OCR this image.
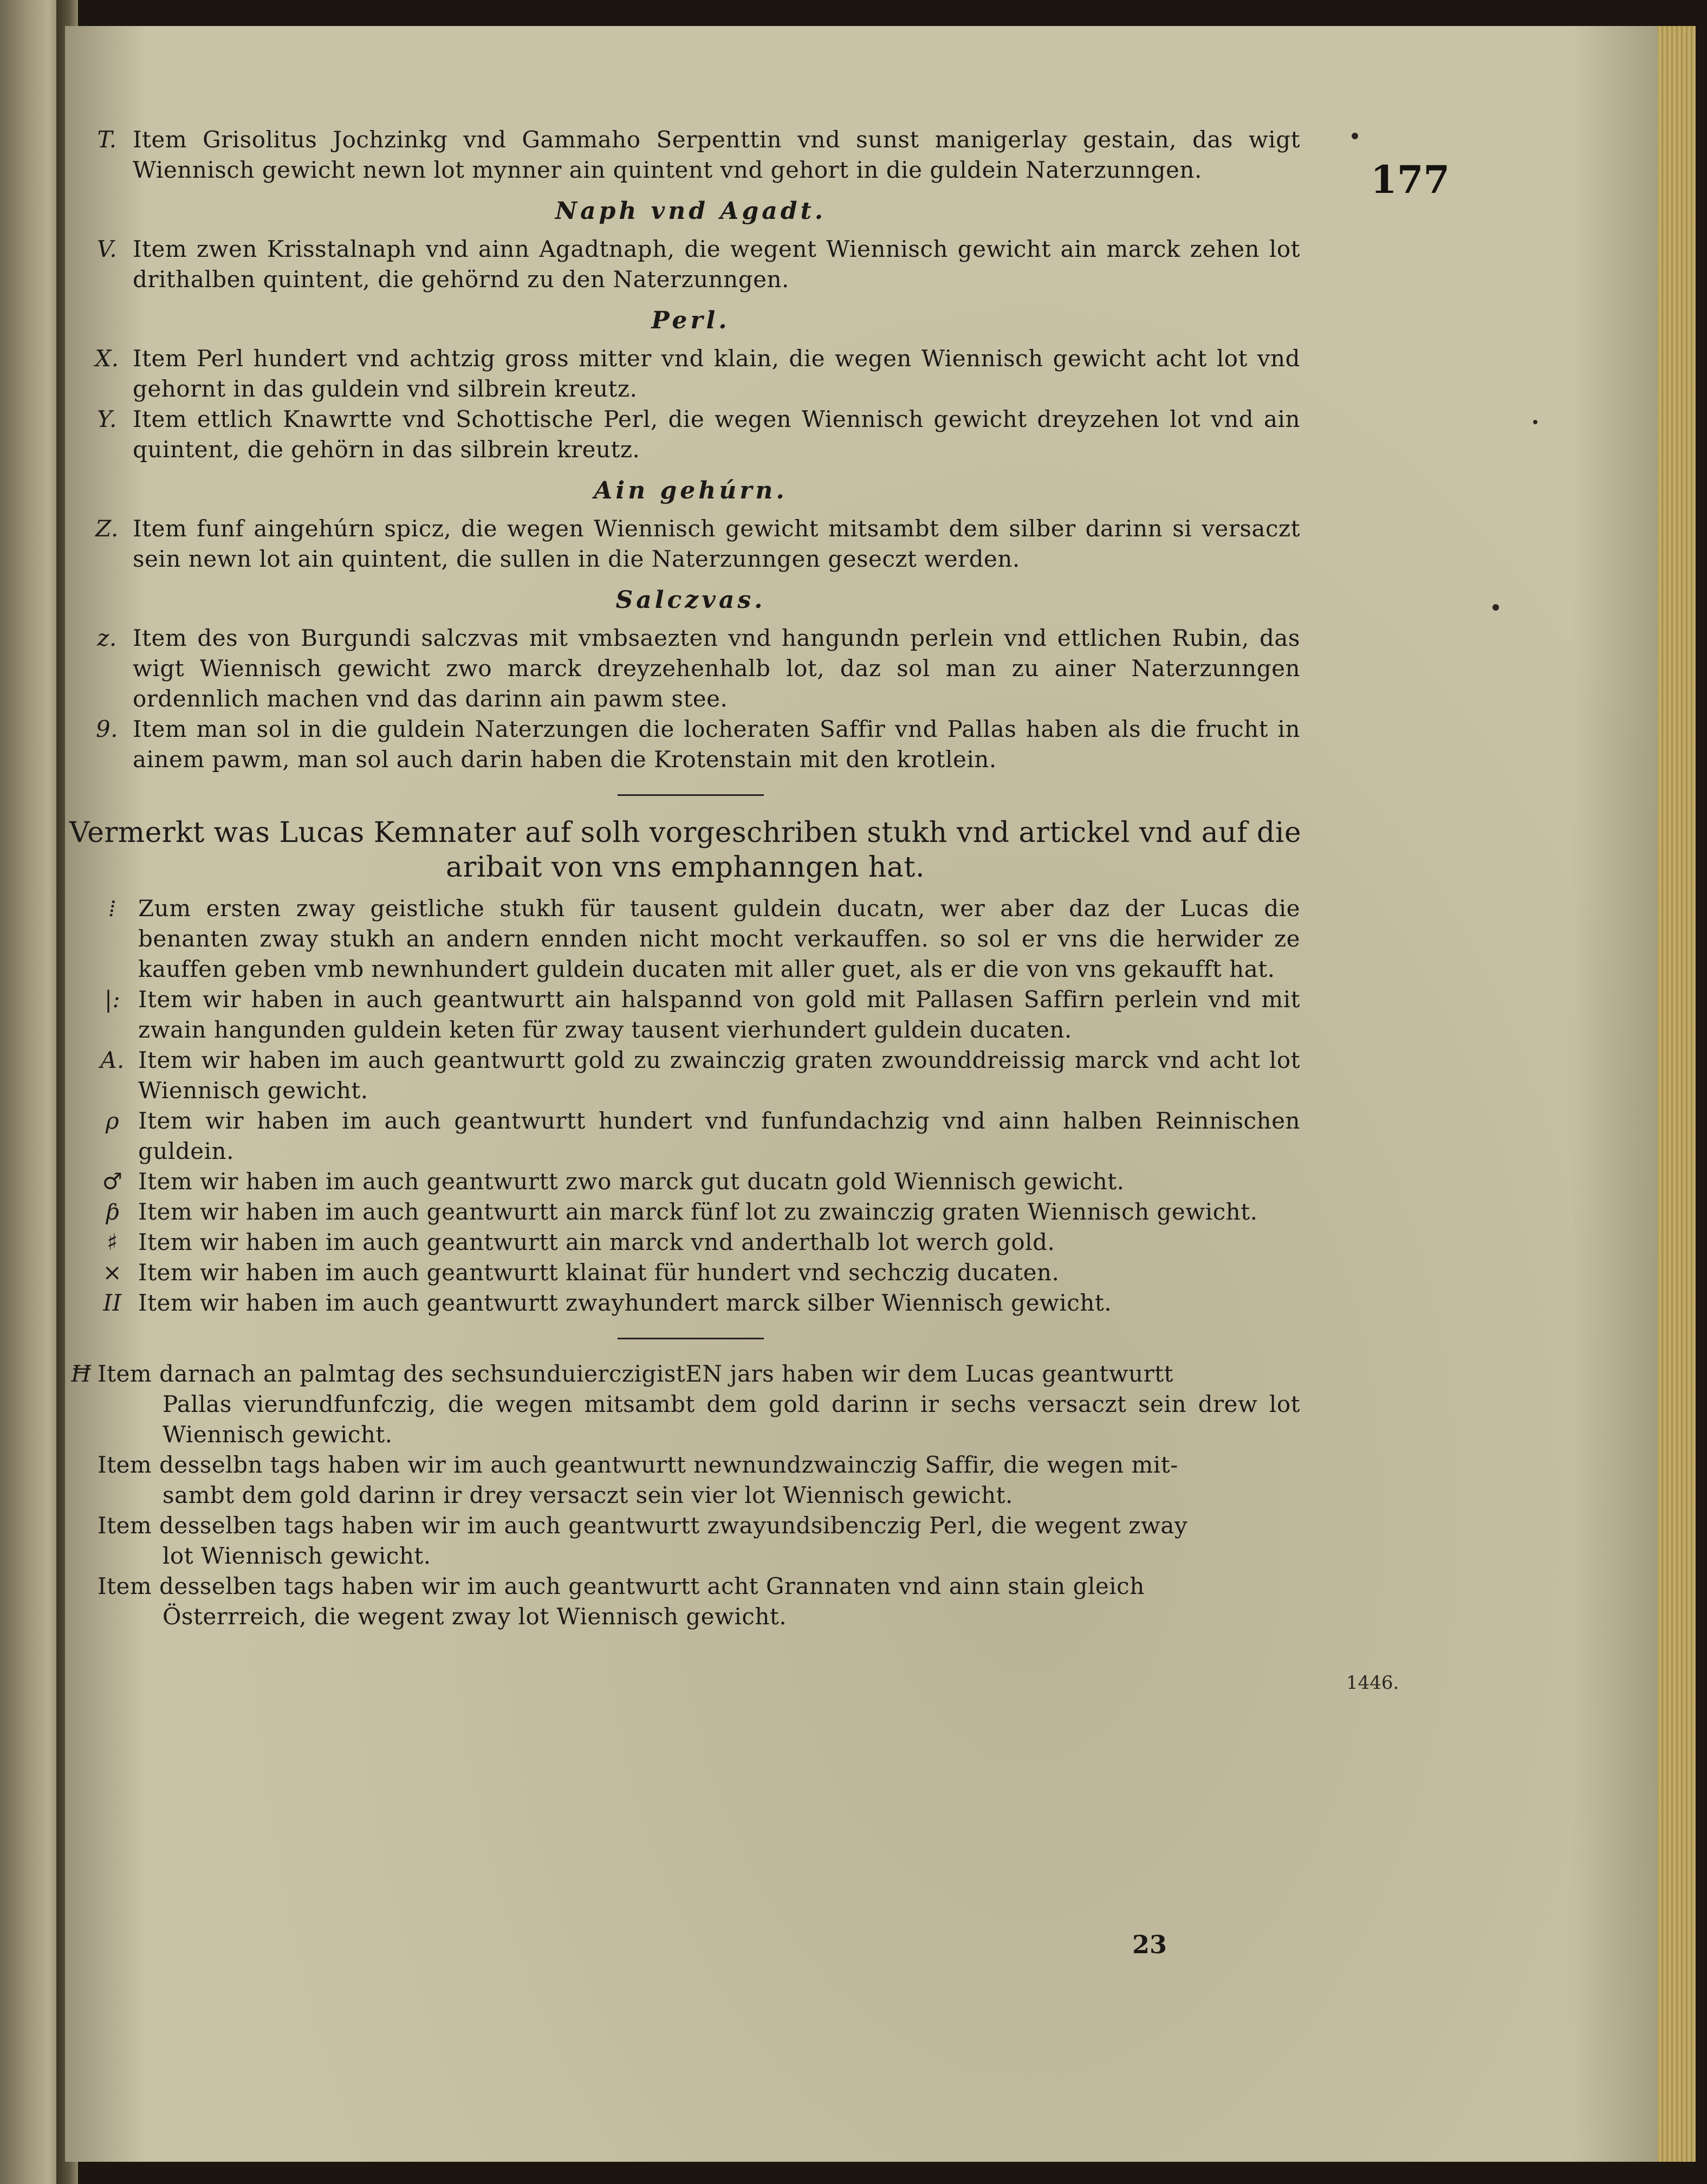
177
T. Item Grisolitus Jochzinkg vnd Gammaho Serpenttin vnd sunst manigerlay gestain, das wigt Wiennisch gewicht newn lot mynner ain quintent vnd gehort in die guldein Naterzunngen.
Naph vnd Agadt.
V. Item zwen Krisstalnaph vnd ainn Agadtnaph, die wegent Wiennisch gewicht ain marck zehen lot drithalben quintent, die gehörnd zu den Naterzunngen.
Perl.
X. Item Perl hundert vnd achtzig gross mitter vnd klain, die wegen Wiennisch gewicht acht lot vnd gehornt in das guldein vnd silbrein kreutz.
Y. Item ettlich Knawrtte vnd Schottische Perl, die wegen Wiennisch gewicht dreyzehen lot vnd ain quintent, die gehörn in das silbrein kreutz.
Ain gehúrn.
Z. Item funf aingehúrn spicz, die wegen Wiennisch gewicht mitsambt dem silber darinn si versaczt sein newn lot ain quintent, die sullen in die Naterzunngen geseczt werden.
Salczvas.
z. Item des von Burgundi salczvas mit vmbsaezten vnd hangundn perlein vnd ettlichen Rubin, das wigt Wiennisch gewicht zwo marck dreyzehenhalb lot, daz sol man zu ainer Naterzunngen ordennlich machen vnd das darinn ain pawm stee.
9. Item man sol in die guldein Naterzungen die locheraten Saffir vnd Pallas haben als die frucht in ainem pawm, man sol auch darin haben die Krotenstain mit den krotlein.
Vermerkt was Lucas Kemnater auf solh vorgeschriben stukh vnd artickel vnd auf die aribait von vns emphanngen hat.
⁞ Zum ersten zway geistliche stukh für tausent guldein ducatn, wer aber daz der Lucas die benanten zway stukh an andern ennden nicht mocht verkauffen. so sol er vns die herwider ze kauffen geben vmb newnhundert guldein ducaten mit aller guet, als er die von vns gekaufft hat.
|: Item wir haben in auch geantwurtt ain halspannd von gold mit Pallasen Saffirn perlein vnd mit zwain hangunden guldein keten für zway tausent vierhundert guldein ducaten.
A. Item wir haben im auch geantwurtt gold zu zwainczig graten zwounddreissig marck vnd acht lot Wiennisch gewicht.
ρ Item wir haben im auch geantwurtt hundert vnd funfundachzig vnd ainn halben Reinnischen guldein.
♂ Item wir haben im auch geantwurtt zwo marck gut ducatn gold Wiennisch gewicht.
ƥ Item wir haben im auch geantwurtt ain marck fünf lot zu zwainczig graten Wiennisch gewicht.
♯ Item wir haben im auch geantwurtt ain marck vnd anderthalb lot werch gold.
× Item wir haben im auch geantwurtt klainat für hundert vnd sechczig ducaten.
II Item wir haben im auch geantwurtt zwayhundert marck silber Wiennisch gewicht.
Ħ Item darnach an palmtag des sechsunduierczigistEN jars haben wir dem Lucas geantwurtt
Pallas vierundfunfczig, die wegen mitsambt dem gold darinn ir sechs versaczt sein drew lot Wiennisch gewicht.
Item desselbn tags haben wir im auch geantwurtt newnundzwainczig Saffir, die wegen mit-
sambt dem gold darinn ir drey versaczt sein vier lot Wiennisch gewicht.
Item desselben tags haben wir im auch geantwurtt zwayundsibenczig Perl, die wegent zway
lot Wiennisch gewicht.
Item desselben tags haben wir im auch geantwurtt acht Grannaten vnd ainn stain gleich
Österrreich, die wegent zway lot Wiennisch gewicht.
1446.
23
